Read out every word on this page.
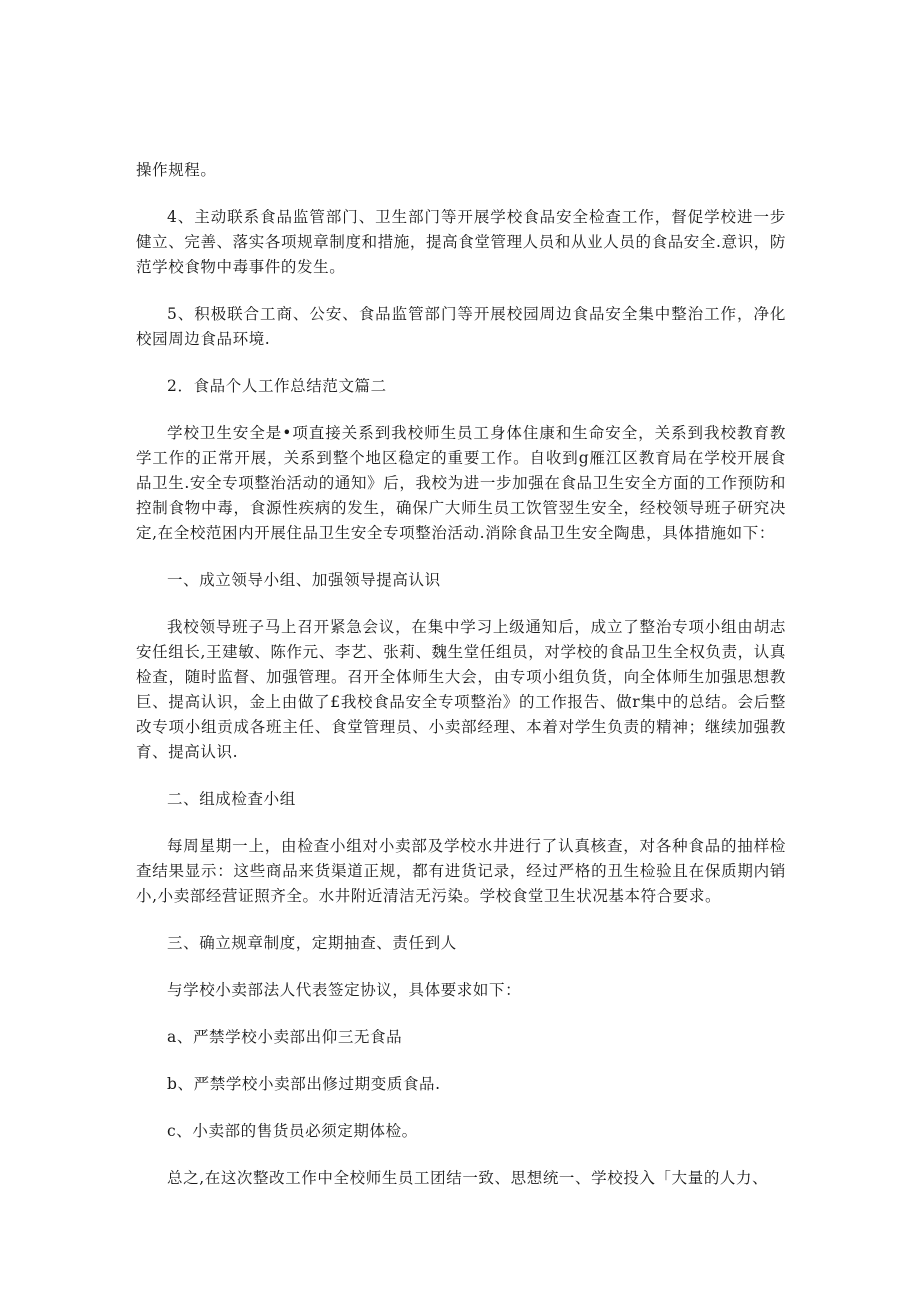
操作规程。

4、主动联系食品监管部门、卫生部门等开展学校食品安全检查工作，督促学校进一步健立、完善、落实各项规章制度和措施，提高食堂管理人员和从业人员的食品安全.意识，防范学校食物中毒事件的发生。

5、积极联合工商、公安、食品监管部门等开展校园周边食品安全集中整治工作，净化校园周边食品环境.

2．食品个人工作总结范文篇二

学校卫生安全是•项直接关系到我校师生员工身体住康和生命安全，关系到我校教育教学工作的正常开展，关系到整个地区稳定的重要工作。自收到g雁江区教育局在学校开展食品卫生.安全专项整治活动的通知》后，我校为进一步加强在食品卫生安全方面的工作预防和控制食物中毒，食源性疾病的发生，确保广大师生员工饮管翌生安全，经校领导班子研究决定,在全校范困内开展住品卫生安全专项整治活动.消除食品卫生安全陶患，具体措施如下：

一、成立领导小组、加强领导提高认识

我校领导班子马上召开紧急会议，在集中学习上级通知后，成立了整治专项小组由胡志安任组长,王建敏、陈作元、李艺、张莉、魏生堂任组员，对学校的食品卫生全权负责，认真检查，随时监督、加强管理。召开全体师生大会，由专项小组负货，向全体师生加强思想教巨、提高认识，金上由做了£我校食品安全专项整治》的工作报告、做r集中的总结。会后整改专项小组贡成各班主任、食堂管理员、小卖部经理、本着对学生负责的精神；继续加强教育、提高认识.

二、组成检査小组

每周星期一上，由检查小组对小卖部及学校水井进行了认真核查，对各种食品的抽样检查结果显示：这些商品来货渠道正规，都有进货记录，经过严格的丑生检验且在保质期内销小,小卖部经营证照齐全。水井附近清洁无污染。学校食堂卫生状况基本符合要求。

三、确立规章制度，定期抽查、责任到人

与学校小卖部法人代表签定协议，具体要求如下：

a、严禁学校小卖部出仰三无食品

b、严禁学校小卖部出修过期变质食品.

c、小卖部的售货员必须定期体检。

总之,在这次整改工作中全校师生员工团结一致、思想统一、学校投入「大量的人力、
